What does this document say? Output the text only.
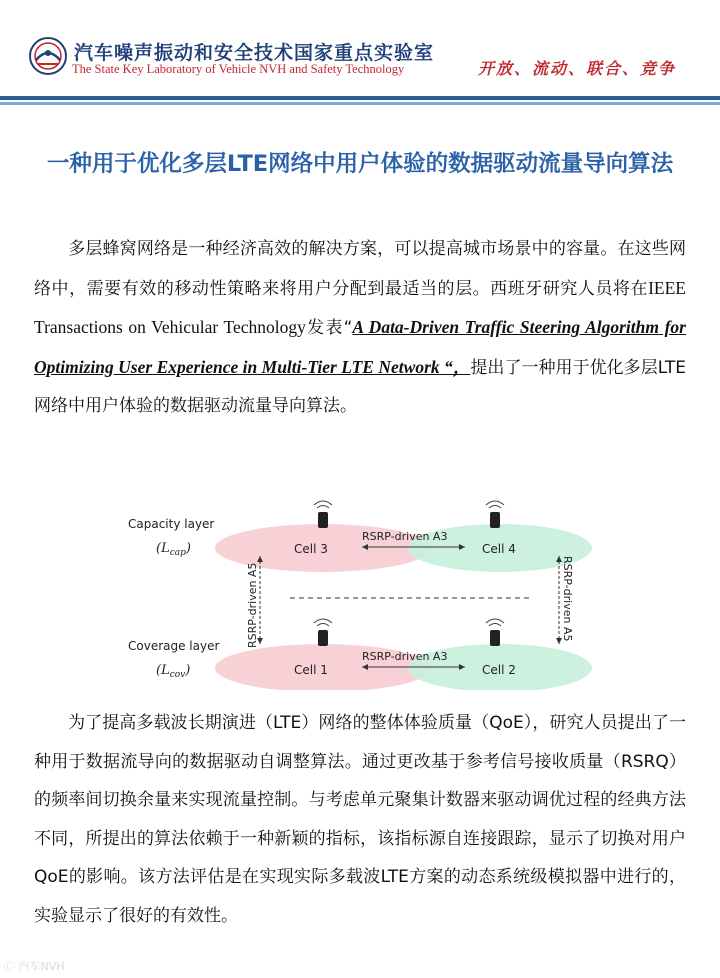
汽车噪声振动和安全技术国家重点实验室
The State Key Laboratory of Vehicle NVH and Safety Technology	开放、流动、联合、竞争
一种用于优化多层LTE网络中用户体验的数据驱动流量导向算法
多层蜂窝网络是一种经济高效的解决方案，可以提高城市场景中的容量。在这些网络中，需要有效的移动性策略来将用户分配到最适当的层。西班牙研究人员将在IEEE Transactions on Vehicular Technology发表“A Data-Driven Traffic Steering Algorithm for Optimizing User Experience in Multi-Tier LTE Network “，提出了一种用于优化多层LTE网络中用户体验的数据驱动流量导向算法。
Capacity layer
$(L_{cap})$
Coverage layer
$(L_{cov})$
Cell 3	Cell 4
Cell 1	Cell 2
RSRP-driven A3
RSRP-driven A3
RSRP-driven A5	RSRP-driven A5
为了提高多载波长期演进（LTE）网络的整体体验质量（QoE），研究人员提出了一种用于数据流导向的数据驱动自调整算法。通过更改基于参考信号接收质量（RSRQ）的频率间切换余量来实现流量控制。与考虑单元聚集计数器来驱动调优过程的经典方法不同，所提出的算法依赖于一种新颖的指标，该指标源自连接跟踪，显示了切换对用户QoE的影响。该方法评估是在实现实际多载波LTE方案的动态系统级模拟器中进行的，实验显示了很好的有效性。
Ⓒ 汽车NVH
